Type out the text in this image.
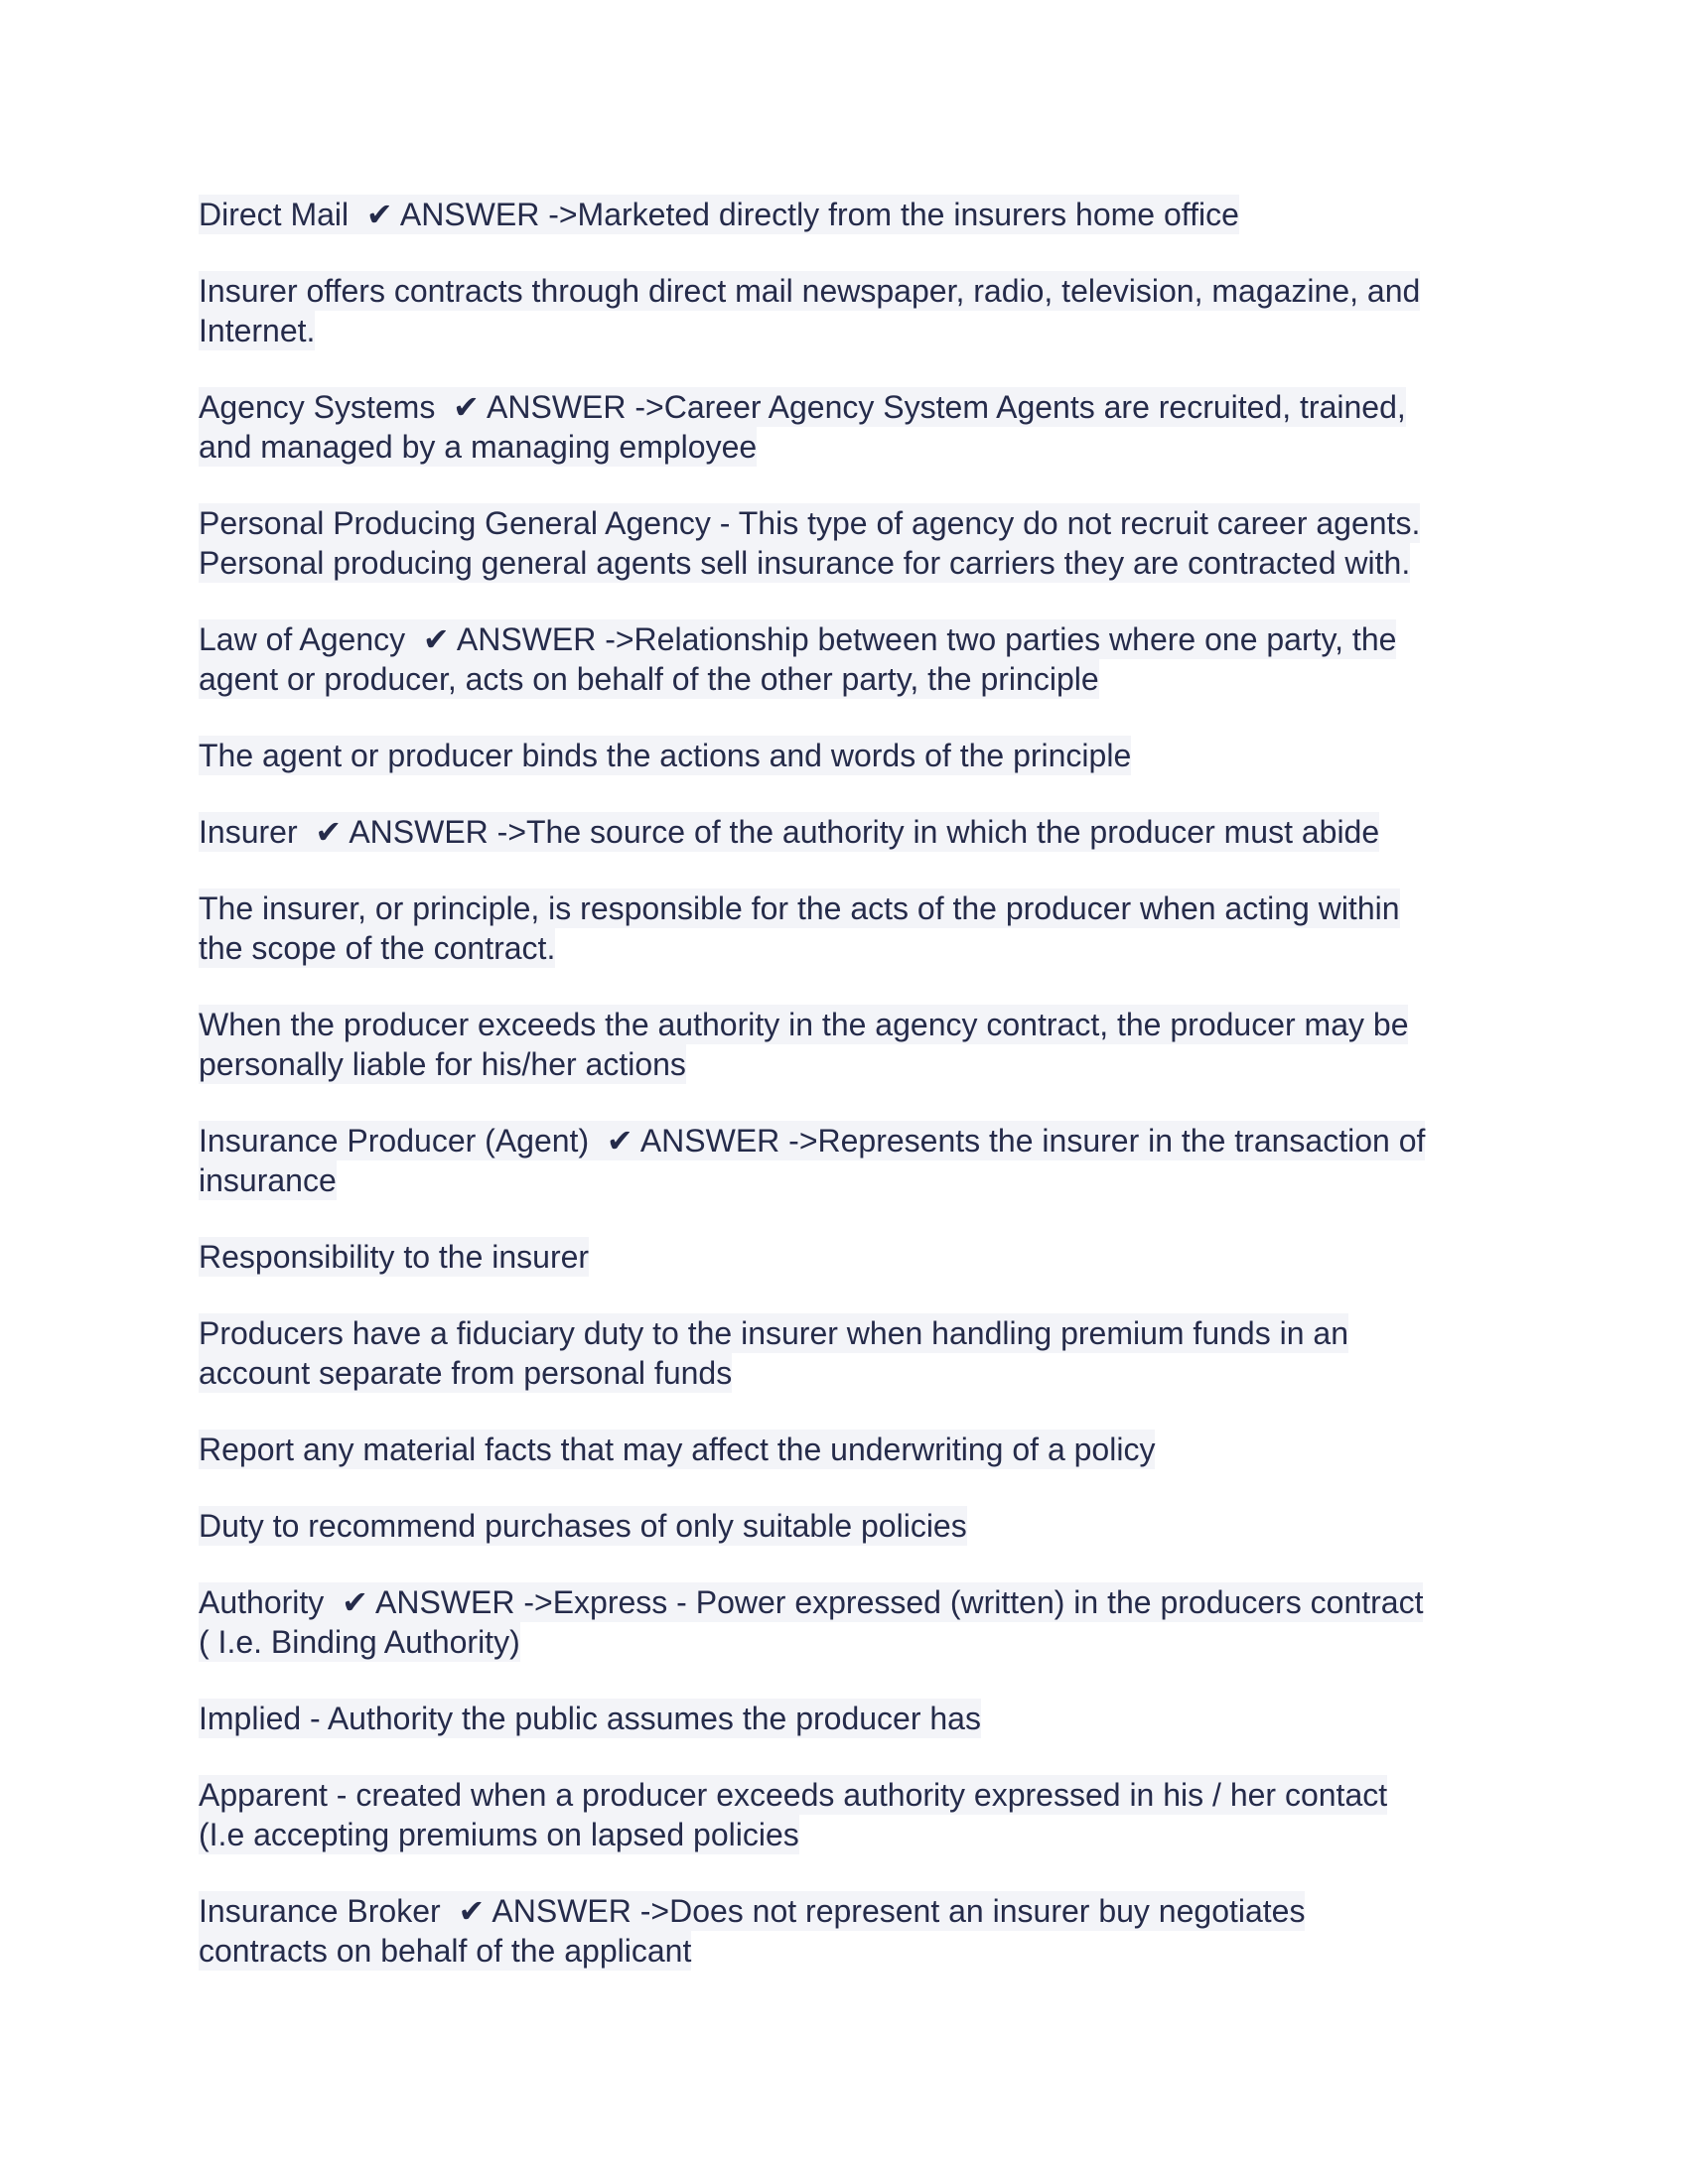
Direct Mail  ✔ ANSWER ->Marketed directly from the insurers home office
Insurer offers contracts through direct mail newspaper, radio, television, magazine, and
Internet.
Agency Systems  ✔ ANSWER ->Career Agency System Agents are recruited, trained,
and managed by a managing employee
Personal Producing General Agency - This type of agency do not recruit career agents.
Personal producing general agents sell insurance for carriers they are contracted with.
Law of Agency  ✔ ANSWER ->Relationship between two parties where one party, the
agent or producer, acts on behalf of the other party, the principle
The agent or producer binds the actions and words of the principle
Insurer  ✔ ANSWER ->The source of the authority in which the producer must abide
The insurer, or principle, is responsible for the acts of the producer when acting within
the scope of the contract.
When the producer exceeds the authority in the agency contract, the producer may be
personally liable for his/her actions
Insurance Producer (Agent)  ✔ ANSWER ->Represents the insurer in the transaction of
insurance
Responsibility to the insurer
Producers have a fiduciary duty to the insurer when handling premium funds in an
account separate from personal funds
Report any material facts that may affect the underwriting of a policy
Duty to recommend purchases of only suitable policies
Authority  ✔ ANSWER ->Express - Power expressed (written) in the producers contract
( I.e. Binding Authority)
Implied - Authority the public assumes the producer has
Apparent - created when a producer exceeds authority expressed in his / her contact
(I.e accepting premiums on lapsed policies
Insurance Broker  ✔ ANSWER ->Does not represent an insurer buy negotiates
contracts on behalf of the applicant
